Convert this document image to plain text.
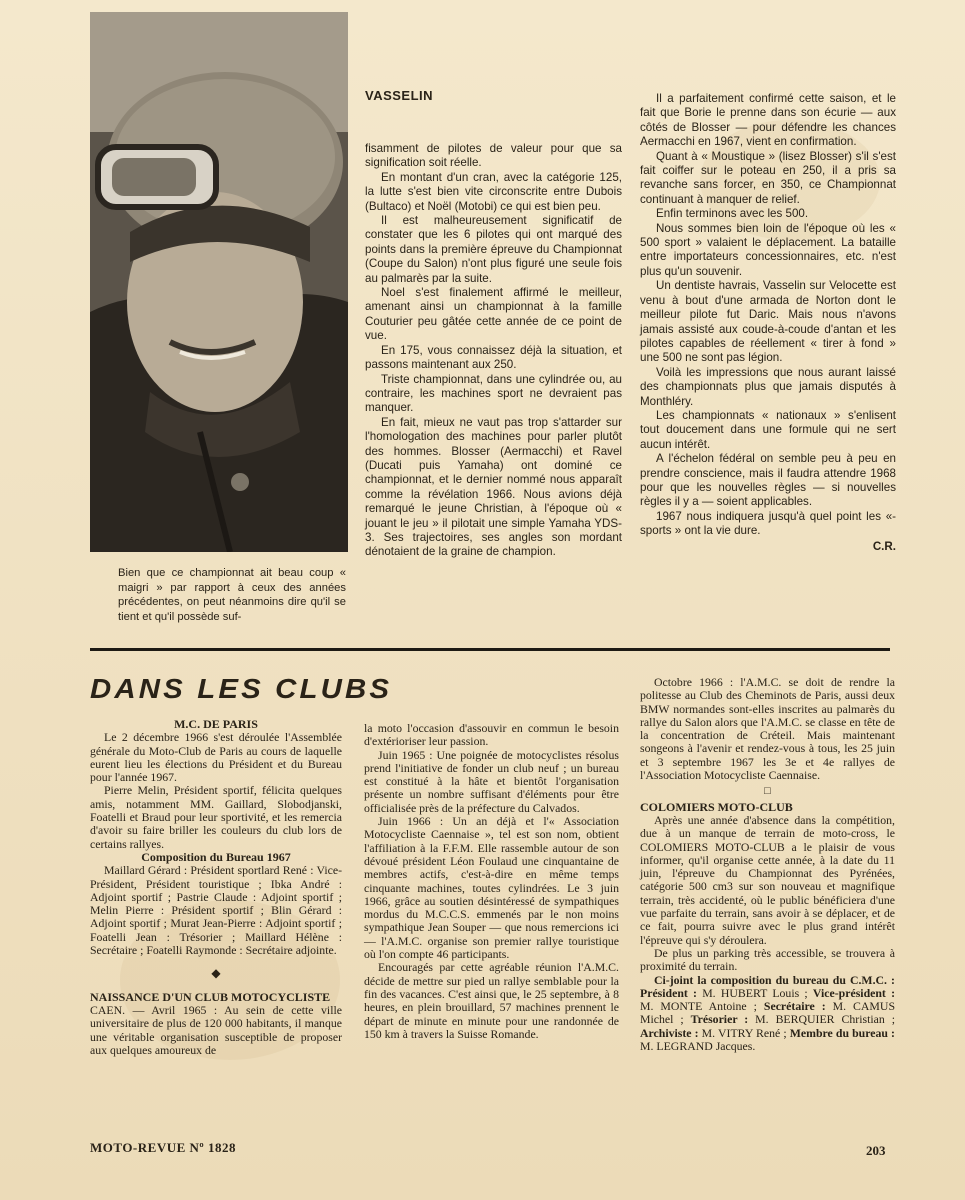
Bien que ce championnat ait beau coup « maigri » par rapport à ceux des années précédentes, on peut néanmoins dire qu'il se tient et qu'il possède suf-
VASSELIN

fisamment de pilotes de valeur pour que sa signification soit réelle.

En montant d'un cran, avec la catégorie 125, la lutte s'est bien vite circonscrite entre Dubois (Bultaco) et Noël (Motobi) ce qui est bien peu.

Il est malheureusement significatif de constater que les 6 pilotes qui ont marqué des points dans la première épreuve du Championnat (Coupe du Salon) n'ont plus figuré une seule fois au palmarès par la suite.

Noel s'est finalement affirmé le meilleur, amenant ainsi un championnat à la famille Couturier peu gâtée cette année de ce point de vue.

En 175, vous connaissez déjà la situation, et passons maintenant aux 250.

Triste championnat, dans une cylindrée ou, au contraire, les machines sport ne devraient pas manquer.

En fait, mieux ne vaut pas trop s'attarder sur l'homologation des machines pour parler plutôt des hommes. Blosser (Aermacchi) et Ravel (Ducati puis Yamaha) ont dominé ce championnat, et le dernier nommé nous apparaît comme la révélation 1966. Nous avions déjà remarqué le jeune Christian, à l'époque où « jouant le jeu » il pilotait une simple Yamaha YDS-3. Ses trajectoires, ses angles son mordant dénotaient de la graine de champion.

Il a parfaitement confirmé cette saison, et le fait que Borie le prenne dans son écurie — aux côtés de Blosser — pour défendre les chances Aermacchi en 1967, vient en confirmation.

Quant à « Moustique » (lisez Blosser) s'il s'est fait coiffer sur le poteau en 250, il a pris sa revanche sans forcer, en 350, ce Championnat continuant à manquer de relief.

Enfin terminons avec les 500.

Nous sommes bien loin de l'époque où les « 500 sport » valaient le déplacement. La bataille entre importateurs concessionnaires, etc. n'est plus qu'un souvenir.

Un dentiste havrais, Vasselin sur Velocette est venu à bout d'une armada de Norton dont le meilleur pilote fut Daric. Mais nous n'avons jamais assisté aux coude-à-coude d'antan et les pilotes capables de réellement « tirer à fond » une 500 ne sont pas légion.

Voilà les impressions que nous aurant laissé des championnats plus que jamais disputés à Monthléry.

Les championnats « nationaux » s'enlisent tout doucement dans une formule qui ne sert aucun intérêt.

A l'échelon fédéral on semble peu à peu en prendre conscience, mais il faudra attendre 1968 pour que les nouvelles règles — si nouvelles règles il y a — soient applicables.

1967 nous indiquera jusqu'à quel point les «-sports » ont la vie dure.

C.R.

DANS LES CLUBS
M.C. DE PARIS

Le 2 décembre 1966 s'est déroulée l'Assemblée générale du Moto-Club de Paris au cours de laquelle eurent lieu les élections du Président et du Bureau pour l'année 1967.

Pierre Melin, Président sportif, félicita quelques amis, notamment MM. Gaillard, Slobodjanski, Foatelli et Braud pour leur sportivité, et les remercia d'avoir su faire briller les couleurs du club lors de certains rallyes.

Composition du Bureau 1967

Maillard Gérard : Président sportlard René : Vice-Président, Président touristique ; Ibka André : Adjoint sportif ; Pastrie Claude : Adjoint sportif ; Melin Pierre : Président sportif ; Blin Gérard : Adjoint sportif ; Murat Jean-Pierre : Adjoint sportif ; Foatelli Jean : Trésorier ; Maillard Hélène : Secrétaire ; Foatelli Raymonde : Secrétaire adjointe.

◆
NAISSANCE D'UN CLUB MOTOCYCLISTE

CAEN. — Avril 1965 : Au sein de cette ville universitaire de plus de 120 000 habitants, il manque une véritable organisation susceptible de proposer aux quelques amoureux de

la moto l'occasion d'assouvir en commun le besoin d'extérioriser leur passion.

Juin 1965 : Une poignée de motocyclistes résolus prend l'initiative de fonder un club neuf ; un bureau est constitué à la hâte et bientôt l'organisation présente un nombre suffisant d'éléments pour être officialisée près de la préfecture du Calvados.

Juin 1966 : Un an déjà et l'« Association Motocycliste Caennaise », tel est son nom, obtient l'affiliation à la F.F.M. Elle rassemble autour de son dévoué président Léon Foulaud une cinquantaine de membres actifs, c'est-à-dire en même temps cinquante machines, toutes cylindrées. Le 3 juin 1966, grâce au soutien désintéressé de sympathiques mordus du M.C.C.S. emmenés par le non moins sympathique Jean Souper — que nous remercions ici — l'A.M.C. organise son premier rallye touristique où l'on compte 46 participants.

Encouragés par cette agréable réunion l'A.M.C. décide de mettre sur pied un rallye semblable pour la fin des vacances. C'est ainsi que, le 25 septembre, à 8 heures, en plein brouillard, 57 machines prennent le départ de minute en minute pour une randonnée de 150 km à travers la Suisse Romande.

Octobre 1966 : l'A.M.C. se doit de rendre la politesse au Club des Cheminots de Paris, aussi deux BMW normandes sont-elles inscrites au palmarès du rallye du Salon alors que l'A.M.C. se classe en tête de la concentration de Créteil. Mais maintenant songeons à l'avenir et rendez-vous à tous, les 25 juin et 3 septembre 1967 les 3e et 4e rallyes de l'Association Motocycliste Caennaise.

□
COLOMIERS MOTO-CLUB

Après une année d'absence dans la compétition, due à un manque de terrain de moto-cross, le COLOMIERS MOTO-CLUB a le plaisir de vous informer, qu'il organise cette année, à la date du 11 juin, l'épreuve du Championnat des Pyrénées, catégorie 500 cm3 sur son nouveau et magnifique terrain, très accidenté, où le public bénéficiera d'une vue parfaite du terrain, sans avoir à se déplacer, et de ce fait, pourra suivre avec le plus grand intérêt l'épreuve qui s'y déroulera.

De plus un parking très accessible, se trouvera à proximité du terrain.

Ci-joint la composition du bureau du C.M.C. : Président : M. HUBERT Louis ; Vice-président : M. MONTE Antoine ; Secrétaire : M. CAMUS Michel ; Trésorier : M. BERQUIER Christian ; Archiviste : M. VITRY René ; Membre du bureau : M. LEGRAND Jacques.

MOTO-REVUE Nº 1828	203
